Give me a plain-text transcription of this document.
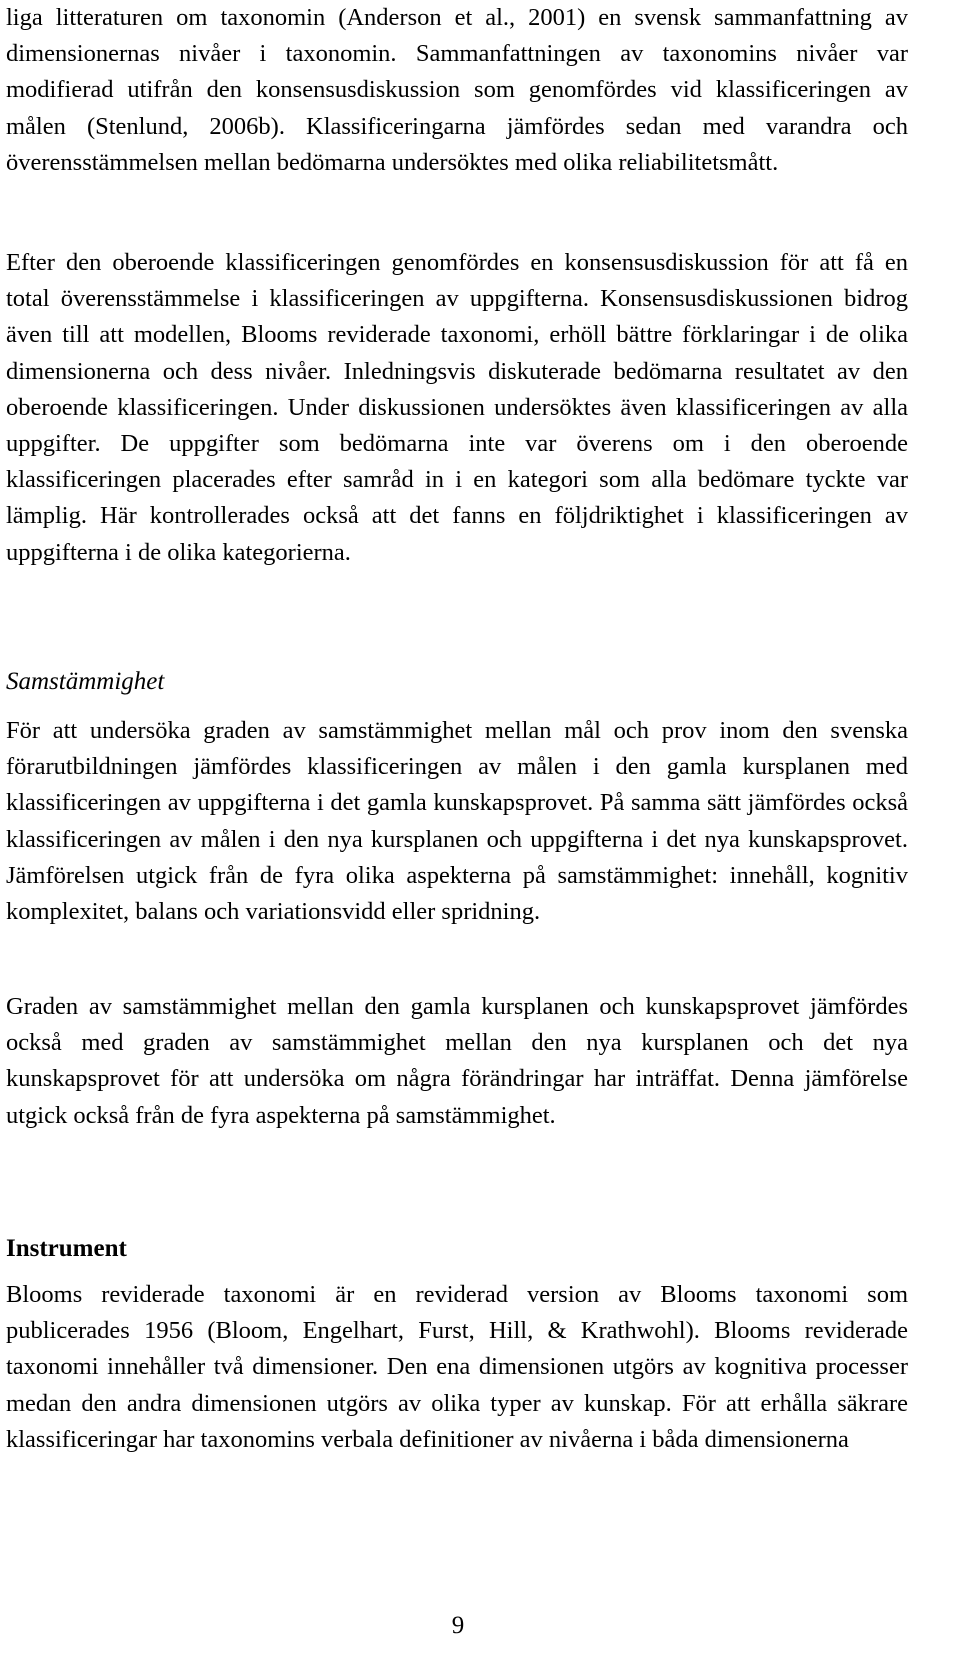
liga litteraturen om taxonomin (Anderson et al., 2001) en svensk sammanfattning av dimensionernas nivåer i taxonomin. Sammanfattningen av taxonomins nivåer var modifierad utifrån den konsensusdiskussion som genomfördes vid klassificeringen av målen (Stenlund, 2006b). Klassificeringarna jämfördes sedan med varandra och överensstämmelsen mellan bedömarna undersöktes med olika reliabilitetsmått.

Efter den oberoende klassificeringen genomfördes en konsensusdiskussion för att få en total överensstämmelse i klassificeringen av uppgifterna. Konsensusdiskussionen bidrog även till att modellen, Blooms reviderade taxonomi, erhöll bättre förklaringar i de olika dimensionerna och dess nivåer. Inledningsvis diskuterade bedömarna resultatet av den oberoende klassificeringen. Under diskussionen undersöktes även klassificeringen av alla uppgifter. De uppgifter som bedömarna inte var överens om i den oberoende klassificeringen placerades efter samråd in i en kategori som alla bedömare tyckte var lämplig. Här kontrollerades också att det fanns en följdriktighet i klassificeringen av uppgifterna i de olika kategorierna.

Samstämmighet

För att undersöka graden av samstämmighet mellan mål och prov inom den svenska förarutbildningen jämfördes klassificeringen av målen i den gamla kursplanen med klassificeringen av uppgifterna i det gamla kunskapsprovet. På samma sätt jämfördes också klassificeringen av målen i den nya kursplanen och uppgifterna i det nya kunskapsprovet. Jämförelsen utgick från de fyra olika aspekterna på samstämmighet: innehåll, kognitiv komplexitet, balans och variationsvidd eller spridning.

Graden av samstämmighet mellan den gamla kursplanen och kunskapsprovet jämfördes också med graden av samstämmighet mellan den nya kursplanen och det nya kunskapsprovet för att undersöka om några förändringar har inträffat. Denna jämförelse utgick också från de fyra aspekterna på samstämmighet.

Instrument

Blooms reviderade taxonomi är en reviderad version av Blooms taxonomi som publicerades 1956 (Bloom, Engelhart, Furst, Hill, & Krathwohl). Blooms reviderade taxonomi innehåller två dimensioner. Den ena dimensionen utgörs av kognitiva processer medan den andra dimensionen utgörs av olika typer av kunskap. För att erhålla säkrare klassificeringar har taxonomins verbala definitioner av nivåerna i båda dimensionerna

9
